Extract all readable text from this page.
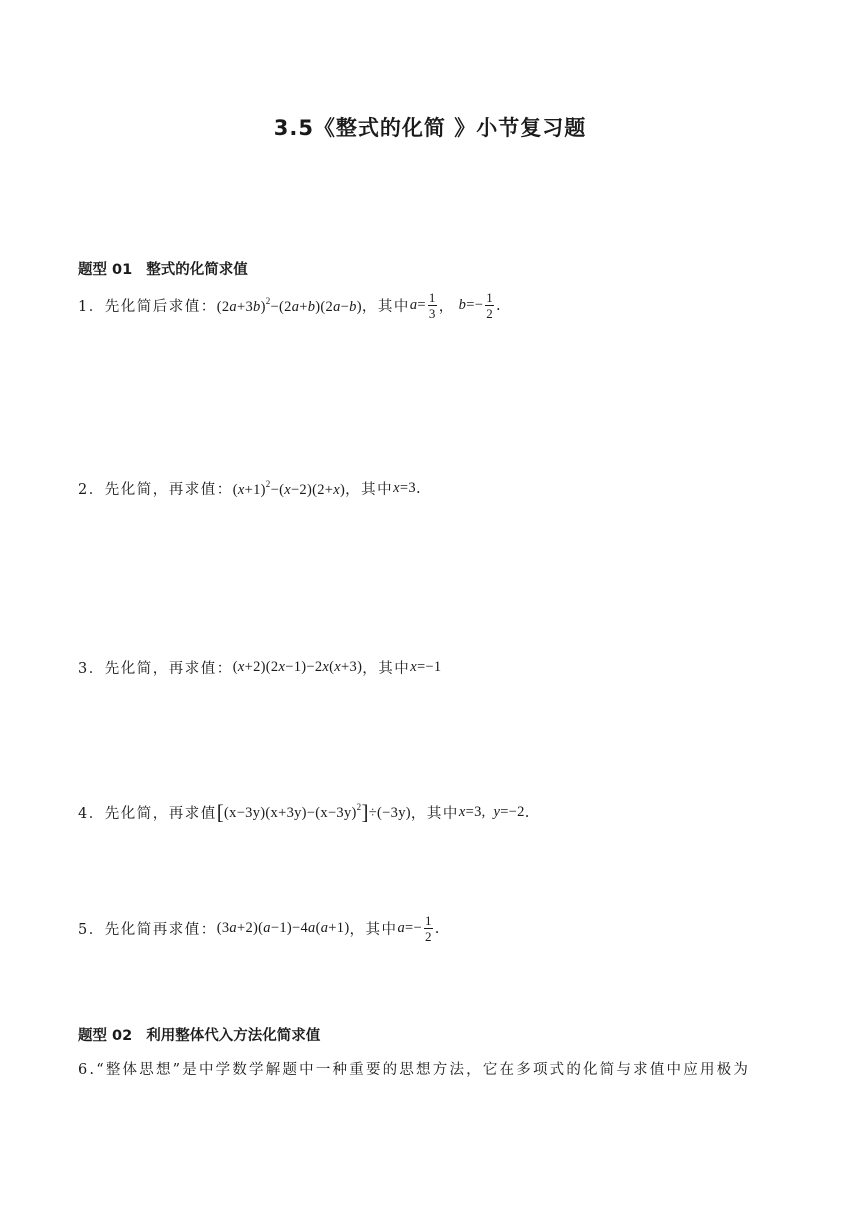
3.5《整式的化简 》小节复习题
题型 01 整式的化简求值
1．先化简后求值： $(2a+3b)^2-(2a+b)(2a-b)$ ，其中 $a= \frac{1}{3}$ ， $b=- \frac{1}{2}$ .
2．先化简，再求值： $(x+1)^2-(x-2)(2+x)$ ，其中 x=3 .
3．先化简，再求值： (x+2)(2x−1)−2x(x+3) ，其中 x=−1
4．先化简，再求值 $[(x-3y)(x+3y)-(x-3y)^2]\div(-3y)$ ，其中 x=3,  y=−2 .
5．先化简再求值： (3a+2)(a−1)−4a(a+1) ，其中 $a=- \frac{1}{2}$ .
题型 02 利用整体代入方法化简求值
6.“整体思想”是中学数学解题中一种重要的思想方法，它在多项式的化简与求值中应用极为
